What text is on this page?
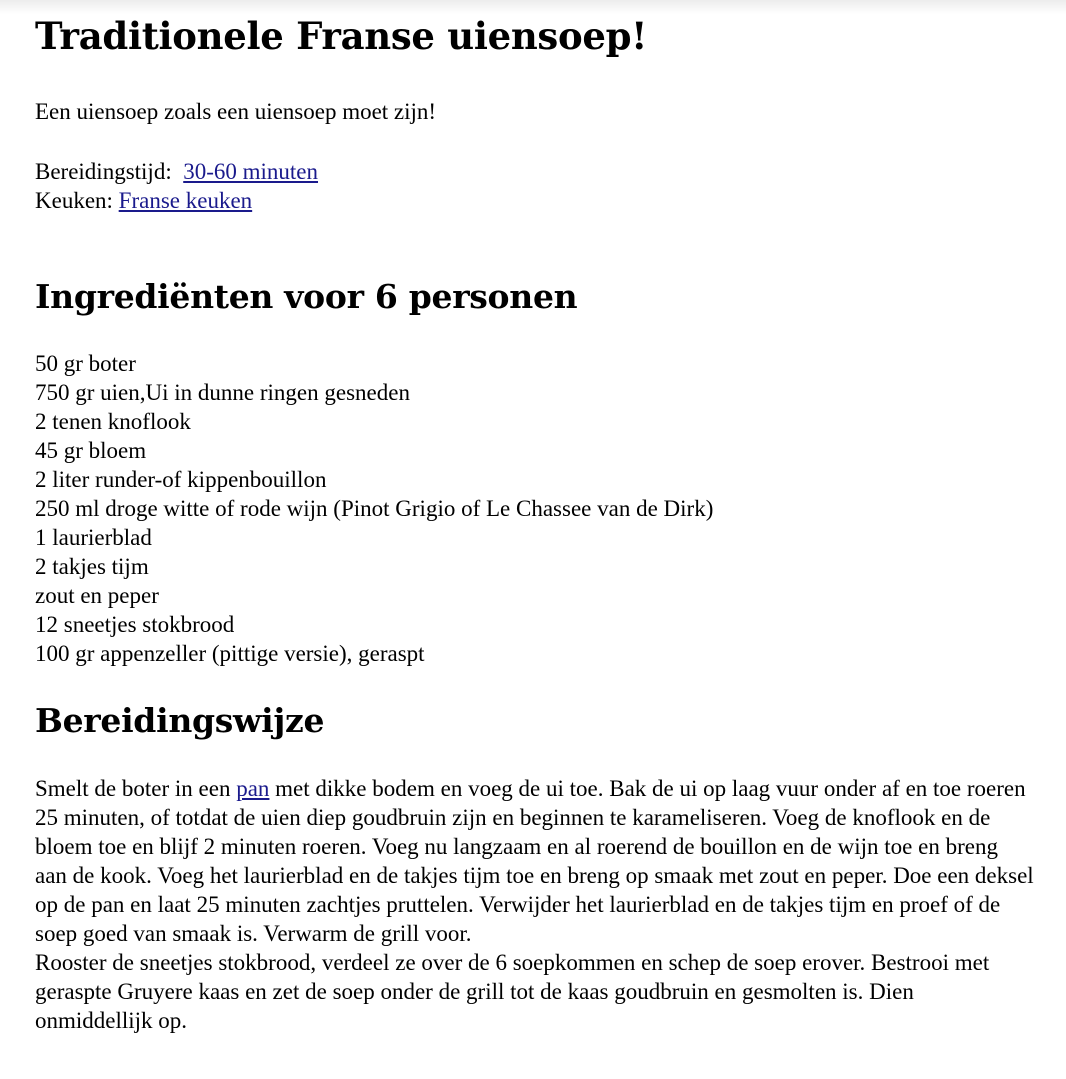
Traditionele Franse uiensoep!
Een uiensoep zoals een uiensoep moet zijn!
Bereidingstijd: 30-60 minuten
Keuken: Franse keuken
Ingrediënten voor 6 personen
50 gr boter
750 gr uien,Ui in dunne ringen gesneden
2 tenen knoflook
45 gr bloem
2 liter runder-of kippenbouillon
250 ml droge witte of rode wijn (Pinot Grigio of Le Chassee van de Dirk)
1 laurierblad
2 takjes tijm
zout en peper
12 sneetjes stokbrood
100 gr appenzeller (pittige versie), geraspt
Bereidingswijze

Smelt de boter in een pan met dikke bodem en voeg de ui toe. Bak de ui op laag vuur onder af en toe roeren 25 minuten, of totdat de uien diep goudbruin zijn en beginnen te karameliseren. Voeg de knoflook en de bloem toe en blijf 2 minuten roeren. Voeg nu langzaam en al roerend de bouillon en de wijn toe en breng aan de kook. Voeg het laurierblad en de takjes tijm toe en breng op smaak met zout en peper. Doe een deksel op de pan en laat 25 minuten zachtjes pruttelen. Verwijder het laurierblad en de takjes tijm en proef of de soep goed van smaak is. Verwarm de grill voor.

Rooster de sneetjes stokbrood, verdeel ze over de 6 soepkommen en schep de soep erover. Bestrooi met geraspte Gruyere kaas en zet de soep onder de grill tot de kaas goudbruin en gesmolten is. Dien onmiddellijk op.
